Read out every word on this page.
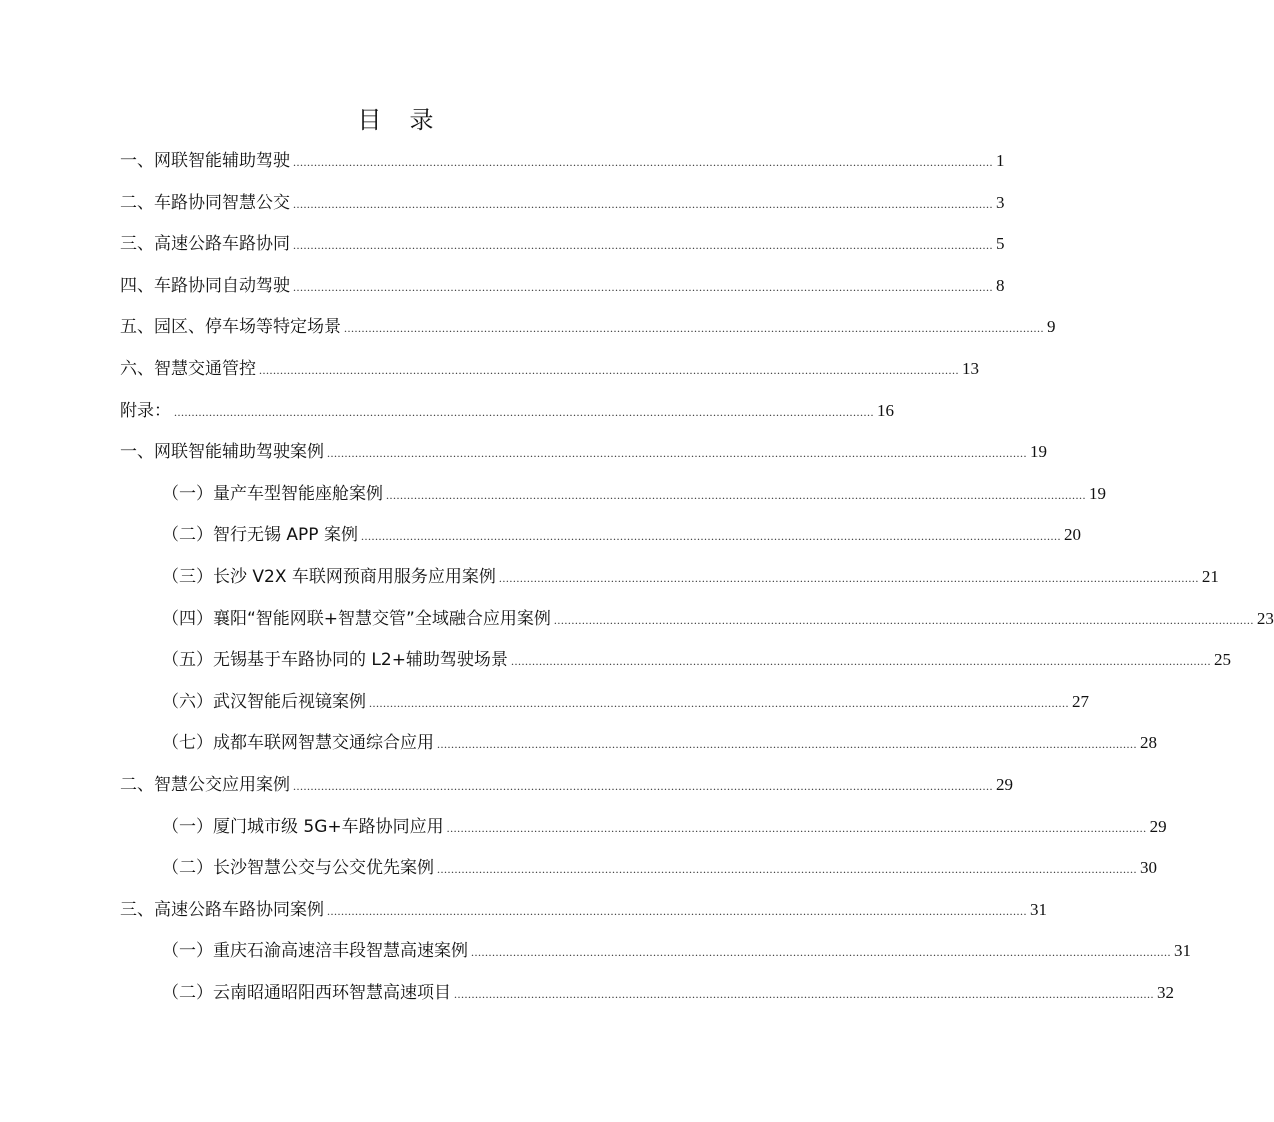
目　录
一、网联智能辅助驾驶 ........................................................................................................................................................................................................ 1
二、车路协同智慧公交 ........................................................................................................................................................................................................ 3
三、高速公路车路协同 ........................................................................................................................................................................................................ 5
四、车路协同自动驾驶 ........................................................................................................................................................................................................ 8
五、园区、停车场等特定场景 ........................................................................................................................................................................................................ 9
六、智慧交通管控 ........................................................................................................................................................................................................ 13
附录： ........................................................................................................................................................................................................ 16
一、网联智能辅助驾驶案例 ........................................................................................................................................................................................................ 19
（一）量产车型智能座舱案例 ........................................................................................................................................................................................................ 19
（二）智行无锡 APP 案例 ........................................................................................................................................................................................................ 20
（三）长沙 V2X 车联网预商用服务应用案例 ........................................................................................................................................................................................................ 21
（四）襄阳“智能网联+智慧交管”全域融合应用案例 ........................................................................................................................................................................................................ 23
（五）无锡基于车路协同的 L2+辅助驾驶场景 ........................................................................................................................................................................................................ 25
（六）武汉智能后视镜案例 ........................................................................................................................................................................................................ 27
（七）成都车联网智慧交通综合应用 ........................................................................................................................................................................................................ 28
二、智慧公交应用案例 ........................................................................................................................................................................................................ 29
（一）厦门城市级 5G+车路协同应用 ........................................................................................................................................................................................................ 29
（二）长沙智慧公交与公交优先案例 ........................................................................................................................................................................................................ 30
三、高速公路车路协同案例 ........................................................................................................................................................................................................ 31
（一）重庆石渝高速涪丰段智慧高速案例 ........................................................................................................................................................................................................ 31
（二）云南昭通昭阳西环智慧高速项目 ........................................................................................................................................................................................................ 32
